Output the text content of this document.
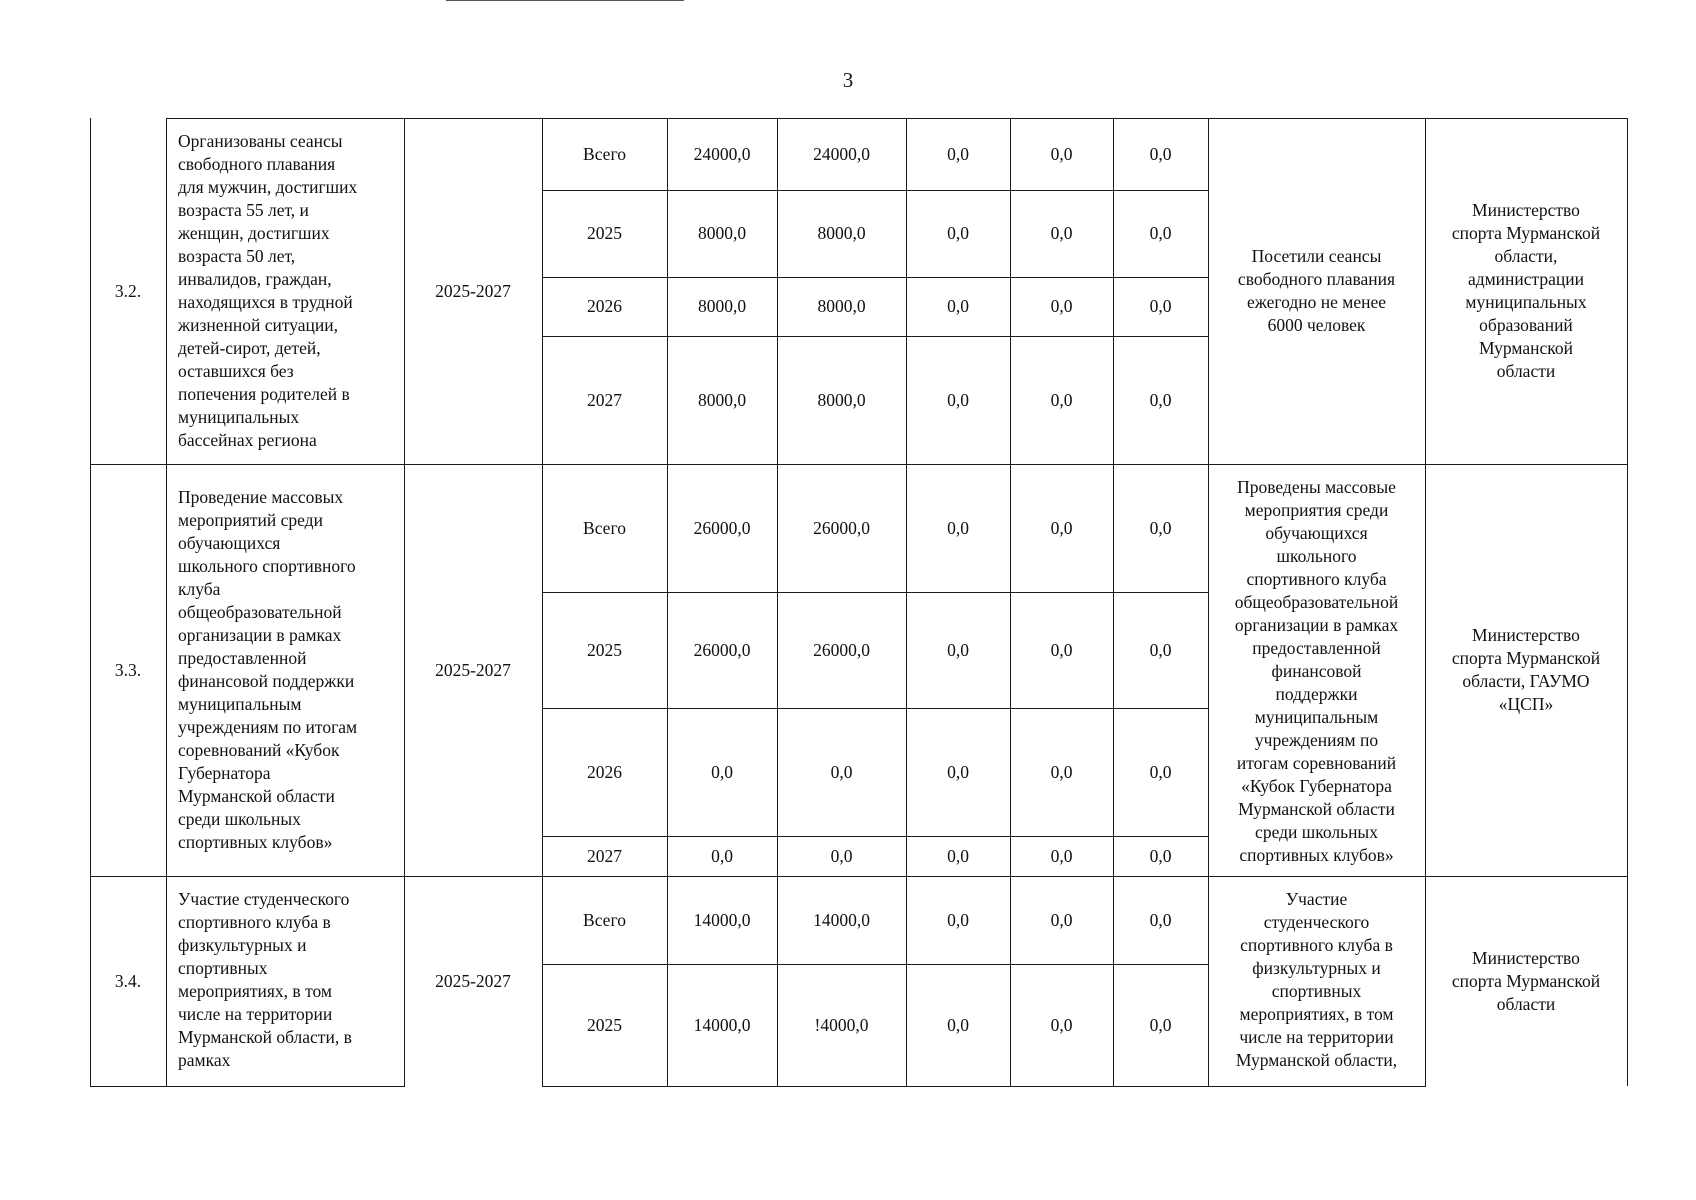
3
3.2.
Организованы сеансы
свободного плавания
для мужчин, достигших
возраста 55 лет, и
женщин, достигших
возраста 50 лет,
инвалидов, граждан,
находящихся в трудной
жизненной ситуации,
детей-сирот, детей,
оставшихся без
попечения родителей в
муниципальных
бассейнах региона
2025-2027
Всего	24000,0	24000,0	0,0	0,0	0,0
2025	8000,0	8000,0	0,0	0,0	0,0
2026	8000,0	8000,0	0,0	0,0	0,0
2027	8000,0	8000,0	0,0	0,0	0,0
Посетили сеансы
свободного плавания
ежегодно не менее
6000 человек
Министерство
спорта Мурманской
области,
администрации
муниципальных
образований
Мурманской
области
3.3.
Проведение массовых
мероприятий среди
обучающихся
школьного спортивного
клуба
общеобразовательной
организации в рамках
предоставленной
финансовой поддержки
муниципальным
учреждениям по итогам
соревнований «Кубок
Губернатора
Мурманской области
среди школьных
спортивных клубов»
2025-2027
Всего	26000,0	26000,0	0,0	0,0	0,0
2025	26000,0	26000,0	0,0	0,0	0,0
2026	0,0	0,0	0,0	0,0	0,0
2027	0,0	0,0	0,0	0,0	0,0
Проведены массовые
мероприятия среди
обучающихся
школьного
спортивного клуба
общеобразовательной
организации в рамках
предоставленной
финансовой
поддержки
муниципальным
учреждениям по
итогам соревнований
«Кубок Губернатора
Мурманской области
среди школьных
спортивных клубов»
Министерство
спорта Мурманской
области, ГАУМО
«ЦСП»
3.4.
Участие студенческого
спортивного клуба в
физкультурных и
спортивных
мероприятиях, в том
числе на территории
Мурманской области, в
рамках
2025-2027
Всего	14000,0	14000,0	0,0	0,0	0,0
2025	14000,0	!4000,0	0,0	0,0	0,0
Участие
студенческого
спортивного клуба в
физкультурных и
спортивных
мероприятиях, в том
числе на территории
Мурманской области,
Министерство
спорта Мурманской
области
